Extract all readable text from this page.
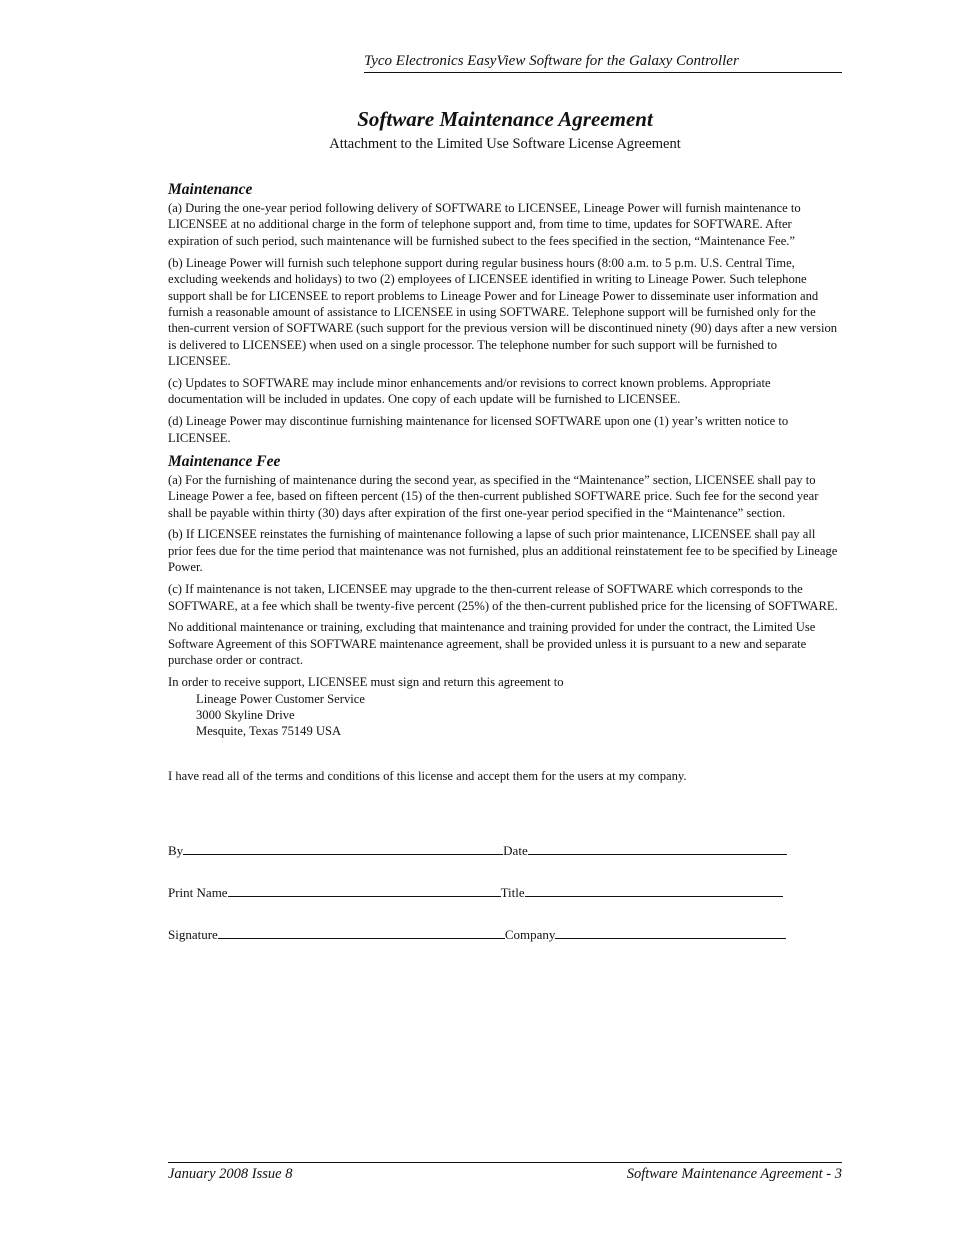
Tyco Electronics EasyView Software for the Galaxy Controller
Software Maintenance Agreement
Attachment to the Limited Use Software License Agreement
Maintenance

(a) During the one-year period following delivery of SOFTWARE to LICENSEE, Lineage Power will furnish maintenance to LICENSEE at no additional charge in the form of telephone support and, from time to time, updates for SOFTWARE. After expiration of such period, such maintenance will be furnished subect to the fees specified in the section, “Maintenance Fee.”

(b) Lineage Power will furnish such telephone support during regular business hours (8:00 a.m. to 5 p.m. U.S. Central Time, excluding weekends and holidays) to two (2) employees of LICENSEE identified in writing to Lineage Power. Such telephone support shall be for LICENSEE to report problems to Lineage Power and for Lineage Power to disseminate user information and furnish a reasonable amount of assistance to LICENSEE in using SOFTWARE. Telephone support will be furnished only for the then-current version of SOFTWARE (such support for the previous version will be discontinued ninety (90) days after a new version is delivered to LICENSEE) when used on a single processor. The telephone number for such support will be furnished to LICENSEE.

(c) Updates to SOFTWARE may include minor enhancements and/or revisions to correct known problems. Appropriate documentation will be included in updates. One copy of each update will be furnished to LICENSEE.

(d) Lineage Power may discontinue furnishing maintenance for licensed SOFTWARE upon one (1) year’s written notice to LICENSEE.

Maintenance Fee

(a) For the furnishing of maintenance during the second year, as specified in the “Maintenance” section, LICENSEE shall pay to Lineage Power a fee, based on fifteen percent (15) of the then-current published SOFTWARE price. Such fee for the second year shall be payable within thirty (30) days after expiration of the first one-year period specified in the “Maintenance” section.

(b) If LICENSEE reinstates the furnishing of maintenance following a lapse of such prior maintenance, LICENSEE shall pay all prior fees due for the time period that maintenance was not furnished, plus an additional reinstatement fee to be specified by Lineage Power.

(c) If maintenance is not taken, LICENSEE may upgrade to the then-current release of SOFTWARE which corresponds to the SOFTWARE, at a fee which shall be twenty-five percent (25%) of the then-current published price for the licensing of SOFTWARE.

No additional maintenance or training, excluding that maintenance and training provided for under the contract, the Limited Use Software Agreement of this SOFTWARE maintenance agreement, shall be provided unless it is pursuant to a new and separate purchase order or contract.

In order to receive support, LICENSEE must sign and return this agreement to
Lineage Power Customer Service
3000 Skyline Drive
Mesquite, Texas 75149 USA

I have read all of the terms and conditions of this license and accept them for the users at my company.

By	Date
Print Name	Title
Signature	Company
January 2008 Issue 8	Software Maintenance Agreement - 3
